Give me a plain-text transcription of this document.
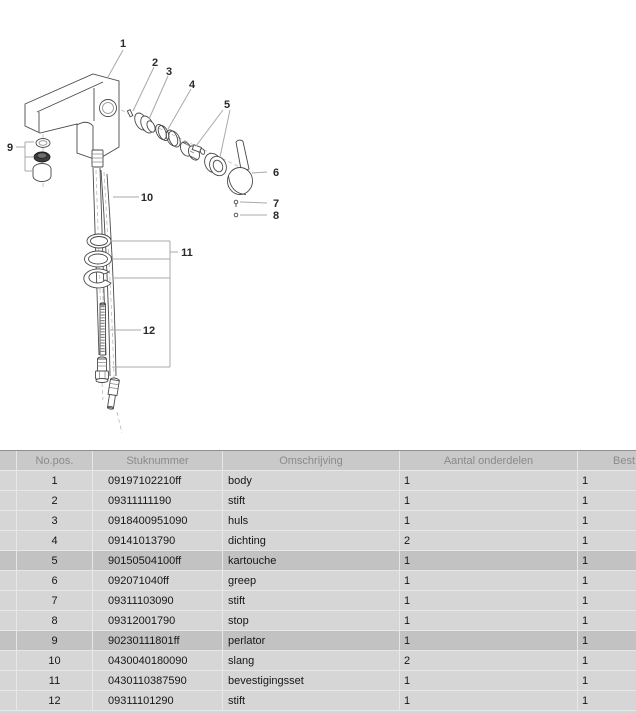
1
2
3
4
5
6
7
8
9
10
11
12
No.pos.	Stuknummer	Omschrijving	Aantal onderdelen	Best
1	09197102210ff	body	1	1
2	09311111190	stift	1	1
3	0918400951090	huls	1	1
4	09141013790	dichting	2	1
5	90150504100ff	kartouche	1	1
6	092071040ff	greep	1	1
7	09311103090	stift	1	1
8	09312001790	stop	1	1
9	90230111801ff	perlator	1	1
10	0430040180090	slang	2	1
11	0430110387590	bevestigingsset	1	1
12	09311101290	stift	1	1
